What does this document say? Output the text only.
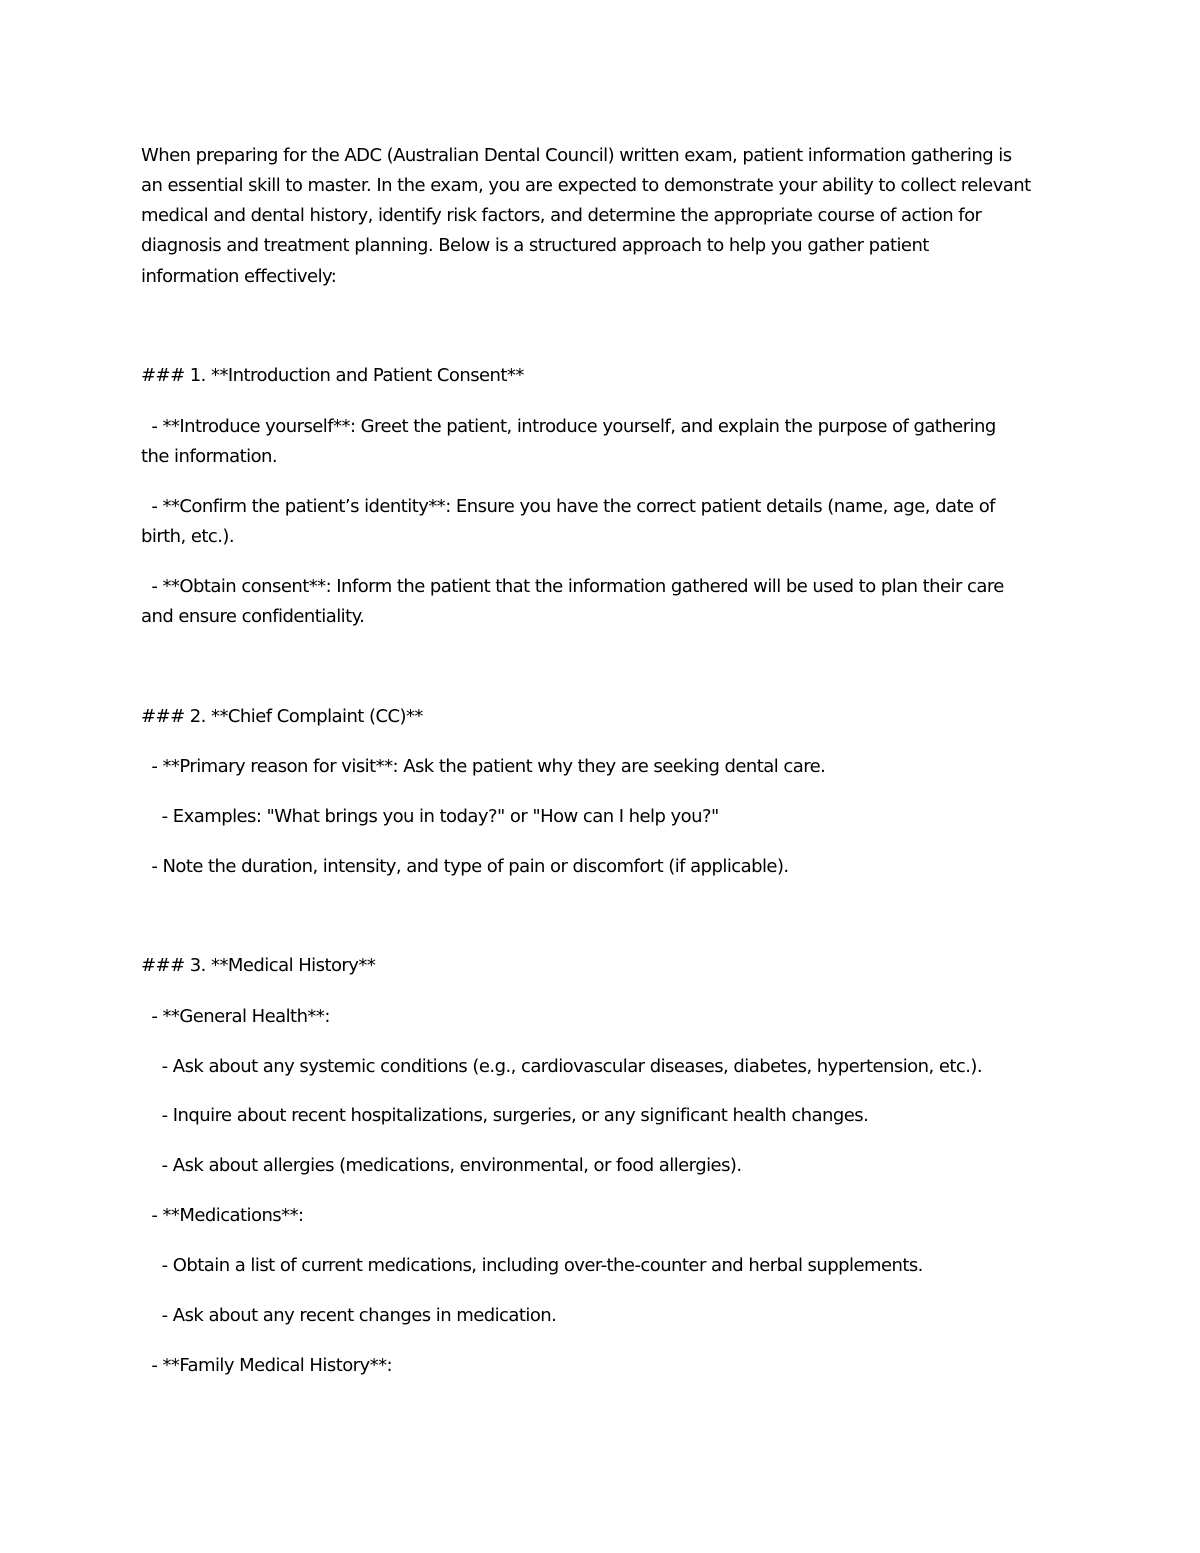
When preparing for the ADC (Australian Dental Council) written exam, patient information gathering is
an essential skill to master. In the exam, you are expected to demonstrate your ability to collect relevant
medical and dental history, identify risk factors, and determine the appropriate course of action for
diagnosis and treatment planning. Below is a structured approach to help you gather patient
information effectively:
### 1. **Introduction and Patient Consent**
- **Introduce yourself**: Greet the patient, introduce yourself, and explain the purpose of gathering
the information.
- **Confirm the patient’s identity**: Ensure you have the correct patient details (name, age, date of
birth, etc.).
- **Obtain consent**: Inform the patient that the information gathered will be used to plan their care
and ensure confidentiality.
### 2. **Chief Complaint (CC)**
- **Primary reason for visit**: Ask the patient why they are seeking dental care.
- Examples: "What brings you in today?" or "How can I help you?"
- Note the duration, intensity, and type of pain or discomfort (if applicable).
### 3. **Medical History**
- **General Health**:
- Ask about any systemic conditions (e.g., cardiovascular diseases, diabetes, hypertension, etc.).
- Inquire about recent hospitalizations, surgeries, or any significant health changes.
- Ask about allergies (medications, environmental, or food allergies).
- **Medications**:
- Obtain a list of current medications, including over-the-counter and herbal supplements.
- Ask about any recent changes in medication.
- **Family Medical History**:
